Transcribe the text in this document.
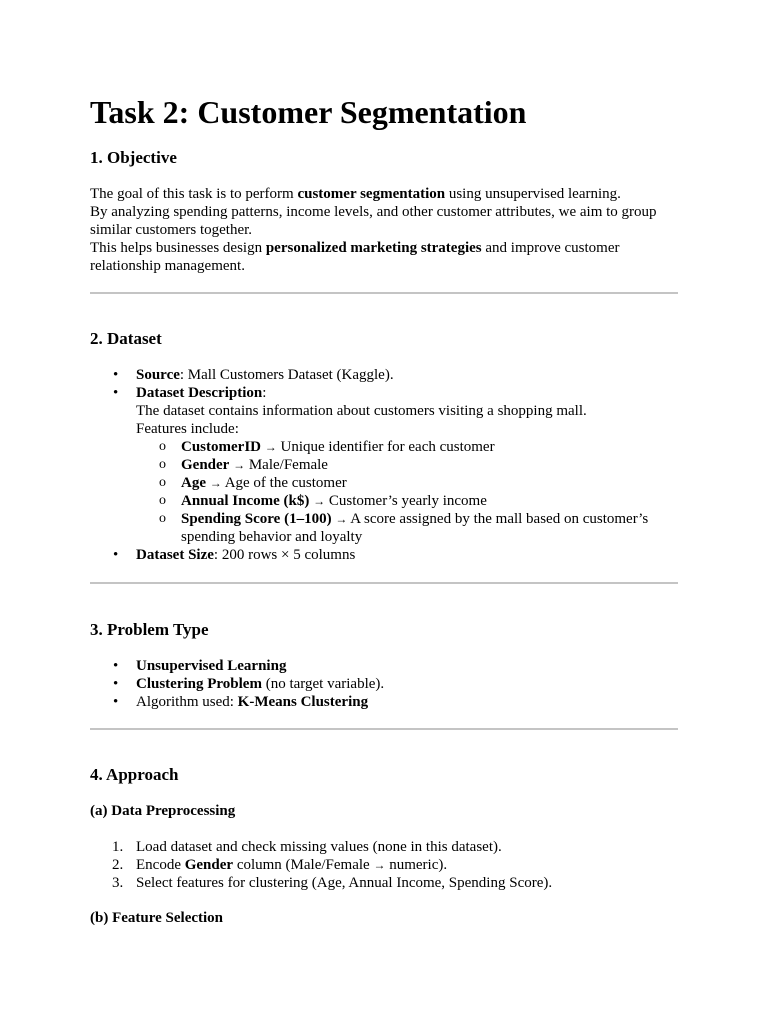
Task 2: Customer Segmentation
1. Objective

The goal of this task is to perform customer segmentation using unsupervised learning.

By analyzing spending patterns, income levels, and other customer attributes, we aim to group similar customers together.

This helps businesses design personalized marketing strategies and improve customer relationship management.

2. Dataset
• Source: Mall Customers Dataset (Kaggle).
• Dataset Description:
The dataset contains information about customers visiting a shopping mall.
Features include:
o CustomerID → Unique identifier for each customer
o Gender → Male/Female
o Age → Age of the customer
o Annual Income (k$) → Customer’s yearly income
o Spending Score (1–100) → A score assigned by the mall based on customer’s spending behavior and loyalty
• Dataset Size: 200 rows × 5 columns
3. Problem Type
• Unsupervised Learning
• Clustering Problem (no target variable).
• Algorithm used: K-Means Clustering
4. Approach
(a) Data Preprocessing
1. Load dataset and check missing values (none in this dataset).
2. Encode Gender column (Male/Female → numeric).
3. Select features for clustering (Age, Annual Income, Spending Score).
(b) Feature Selection
